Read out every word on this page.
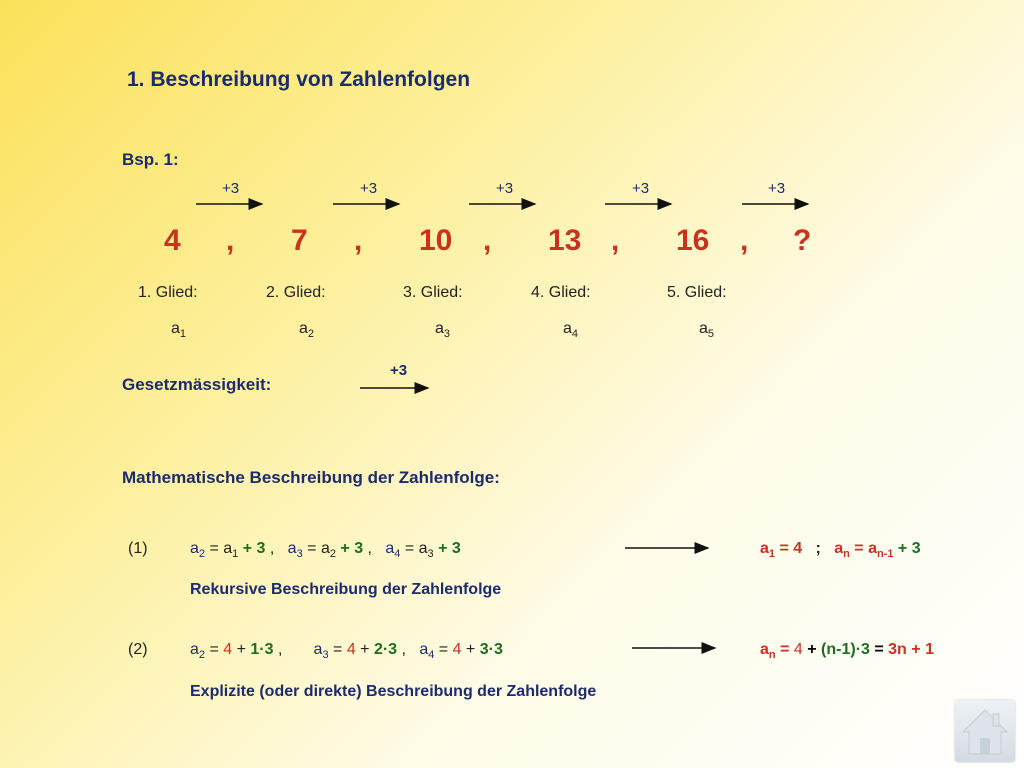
1. Beschreibung von Zahlenfolgen
Bsp. 1:
+3	+3	+3	+3	+3
4 , 7 , 10 , 13 , 16 , ?
1. Glied:	2. Glied:	3. Glied:	4. Glied:	5. Glied:
$a_1$	$a_2$	$a_3$	$a_4$	$a_5$
Gesetzmässigkeit:
+3
Mathematische Beschreibung der Zahlenfolge:
(1)	$a_2 = a_1 + 3$ ,   $a_3 = a_2 + 3$ ,   $a_4 = a_3 + 3$	$a_1 = 4$ ; $a_n = a_{n-1} + 3$
Rekursive Beschreibung der Zahlenfolge
(2)	$a_2 = 4 + 1\cdot 3$ ,       $a_3 = 4 + 2\cdot 3$ ,   $a_4 = 4 + 3\cdot 3$	$a_n = 4 + (n-1)\cdot 3 = 3n + 1$
Explizite (oder direkte) Beschreibung der Zahlenfolge
